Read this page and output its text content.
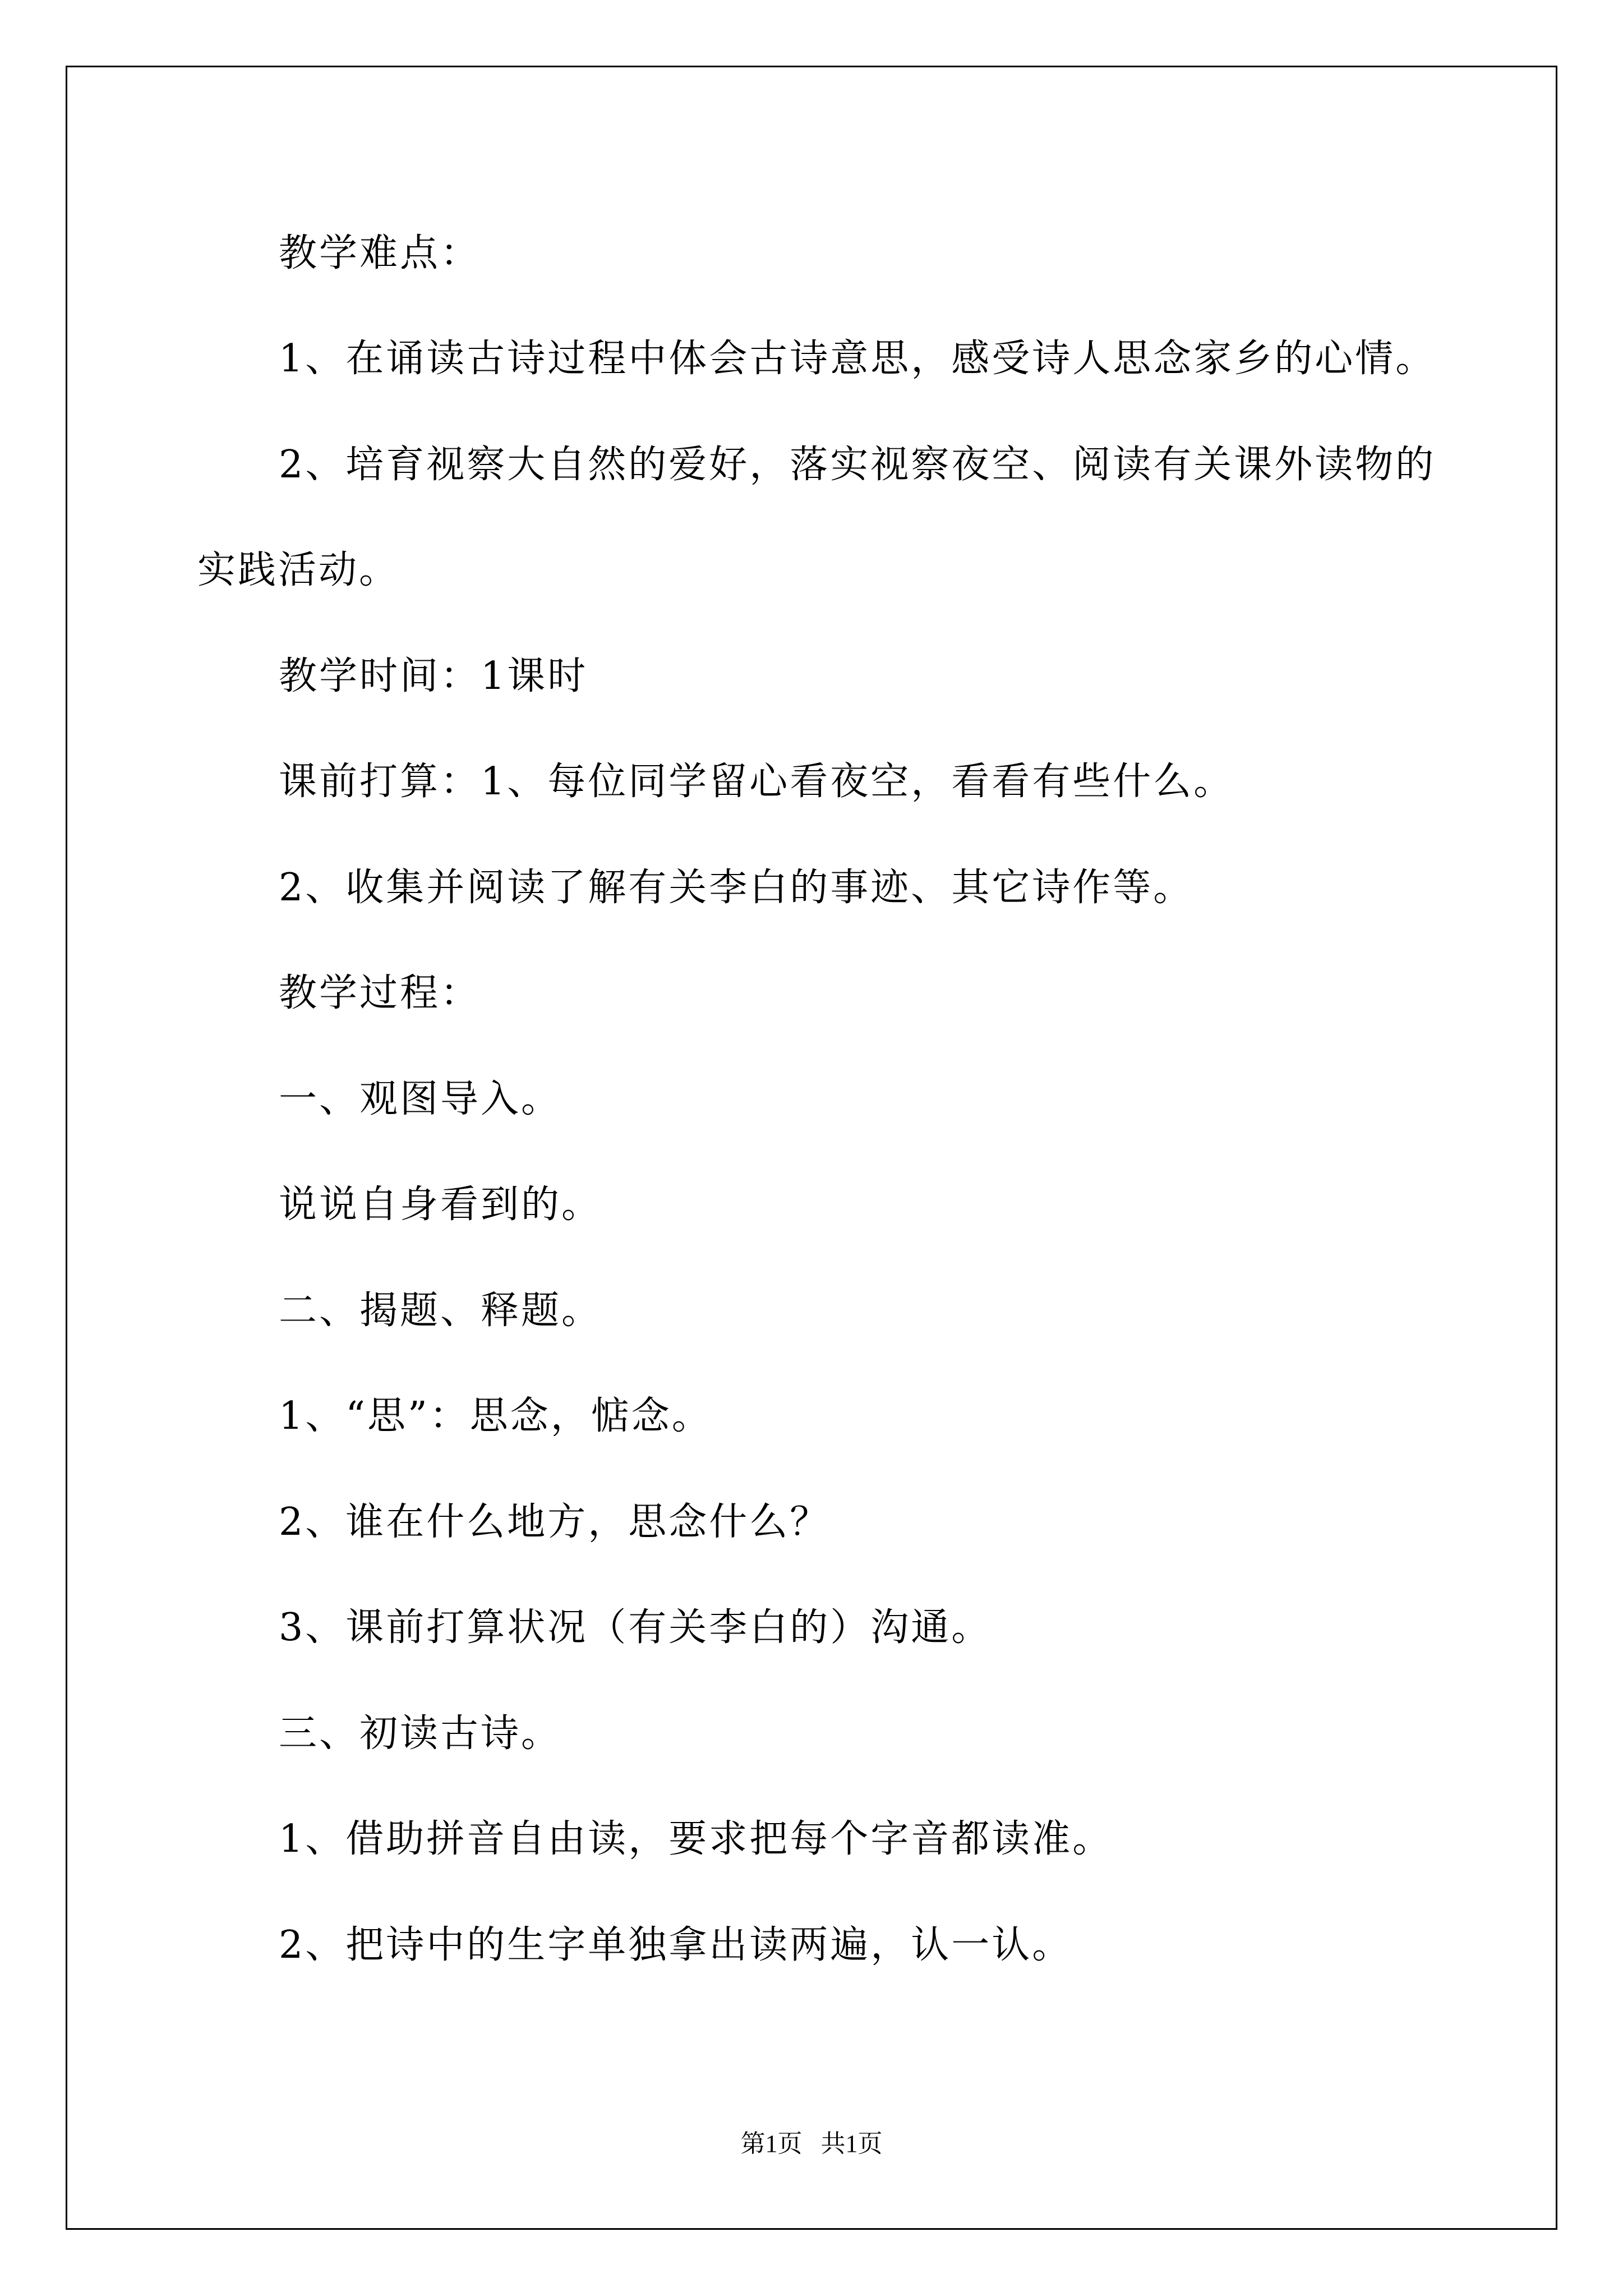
教学难点：
1、在诵读古诗过程中体会古诗意思，感受诗人思念家乡的心情。
2、培育视察大自然的爱好，落实视察夜空、阅读有关课外读物的
实践活动。
教学时间：1课时
课前打算：1、每位同学留心看夜空，看看有些什么。
2、收集并阅读了解有关李白的事迹、其它诗作等。
教学过程：
一、观图导入。
说说自身看到的。
二、揭题、释题。
1、“思”：思念，惦念。
2、谁在什么地方，思念什么？
3、课前打算状况（有关李白的）沟通。
三、初读古诗。
1、借助拼音自由读，要求把每个字音都读准。
2、把诗中的生字单独拿出读两遍，认一认。
第1页   共1页
